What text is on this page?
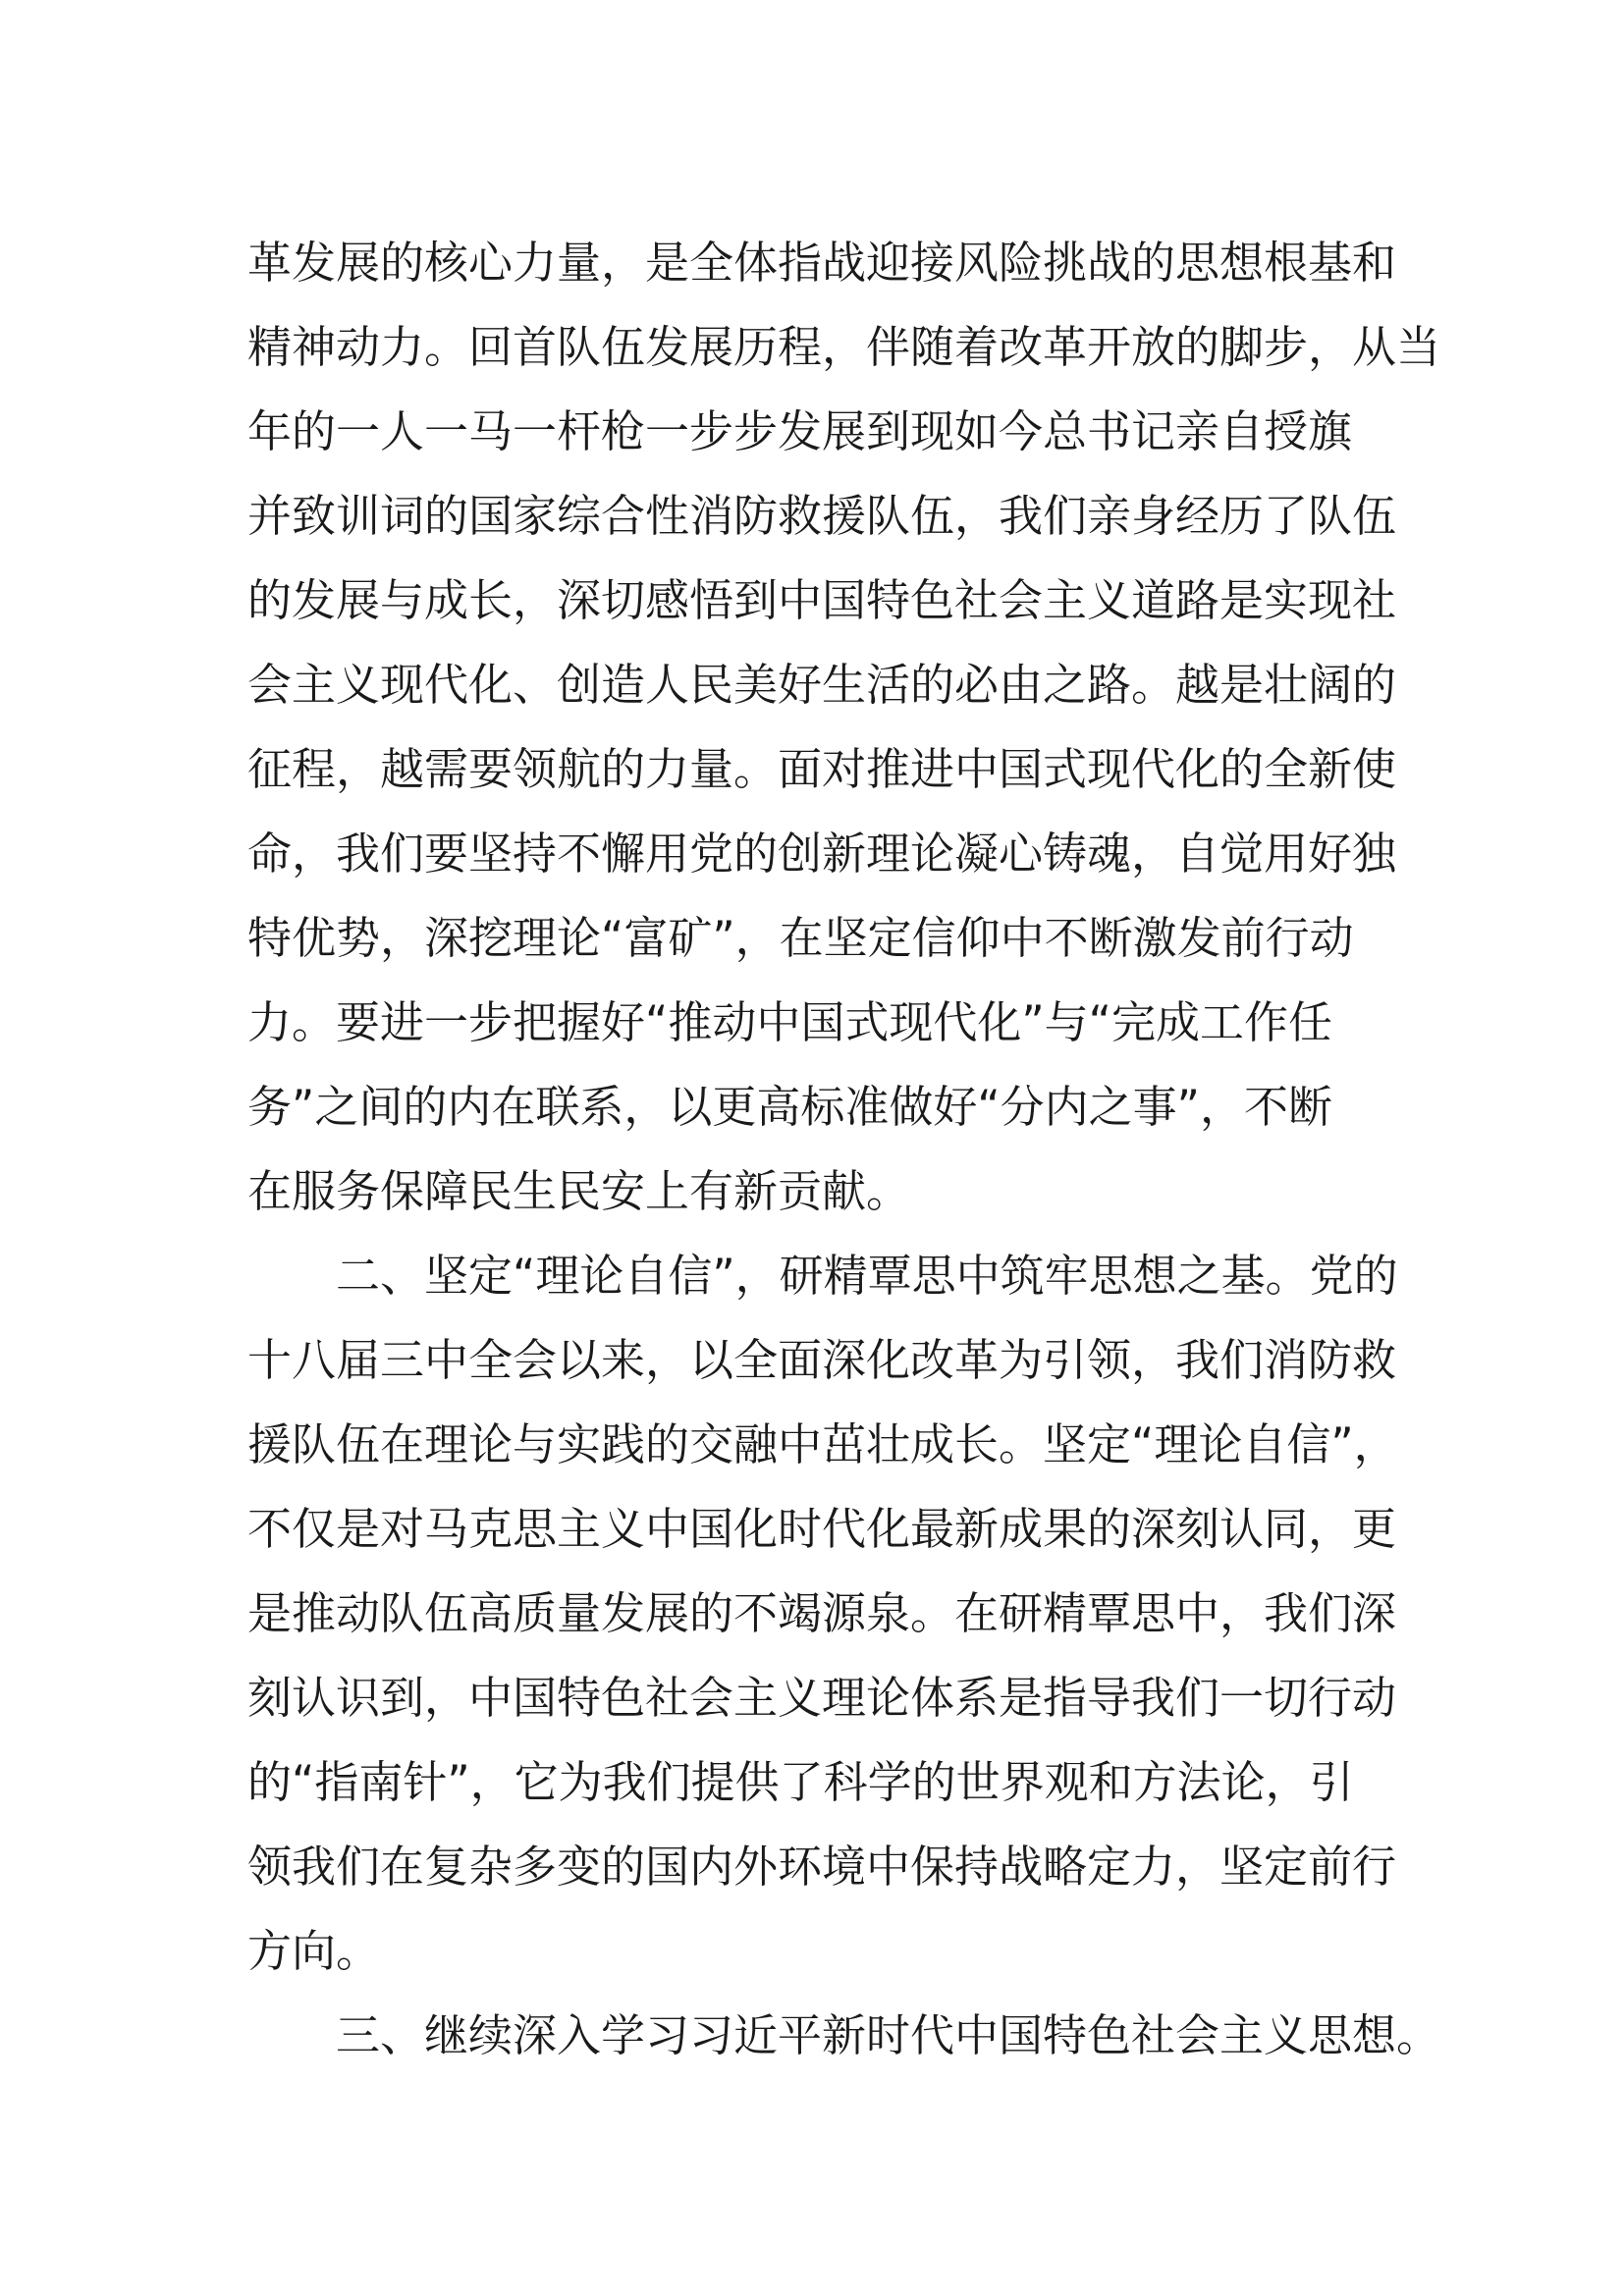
革发展的核心力量，是全体指战迎接风险挑战的思想根基和
精神动力。回首队伍发展历程，伴随着改革开放的脚步，从当
年的一人一马一杆枪一步步发展到现如今总书记亲自授旗
并致训词的国家综合性消防救援队伍，我们亲身经历了队伍
的发展与成长，深切感悟到中国特色社会主义道路是实现社
会主义现代化、创造人民美好生活的必由之路。越是壮阔的
征程，越需要领航的力量。面对推进中国式现代化的全新使
命，我们要坚持不懈用党的创新理论凝心铸魂，自觉用好独
特优势，深挖理论“富矿”，在坚定信仰中不断激发前行动
力。要进一步把握好“推动中国式现代化”与“完成工作任
务”之间的内在联系，以更高标准做好“分内之事”，不断
在服务保障民生民安上有新贡献。
二、坚定“理论自信”，研精覃思中筑牢思想之基。党的
十八届三中全会以来，以全面深化改革为引领，我们消防救
援队伍在理论与实践的交融中茁壮成长。坚定“理论自信”，
不仅是对马克思主义中国化时代化最新成果的深刻认同，更
是推动队伍高质量发展的不竭源泉。在研精覃思中，我们深
刻认识到，中国特色社会主义理论体系是指导我们一切行动
的“指南针”，它为我们提供了科学的世界观和方法论，引
领我们在复杂多变的国内外环境中保持战略定力，坚定前行
方向。
三、继续深入学习习近平新时代中国特色社会主义思想。
